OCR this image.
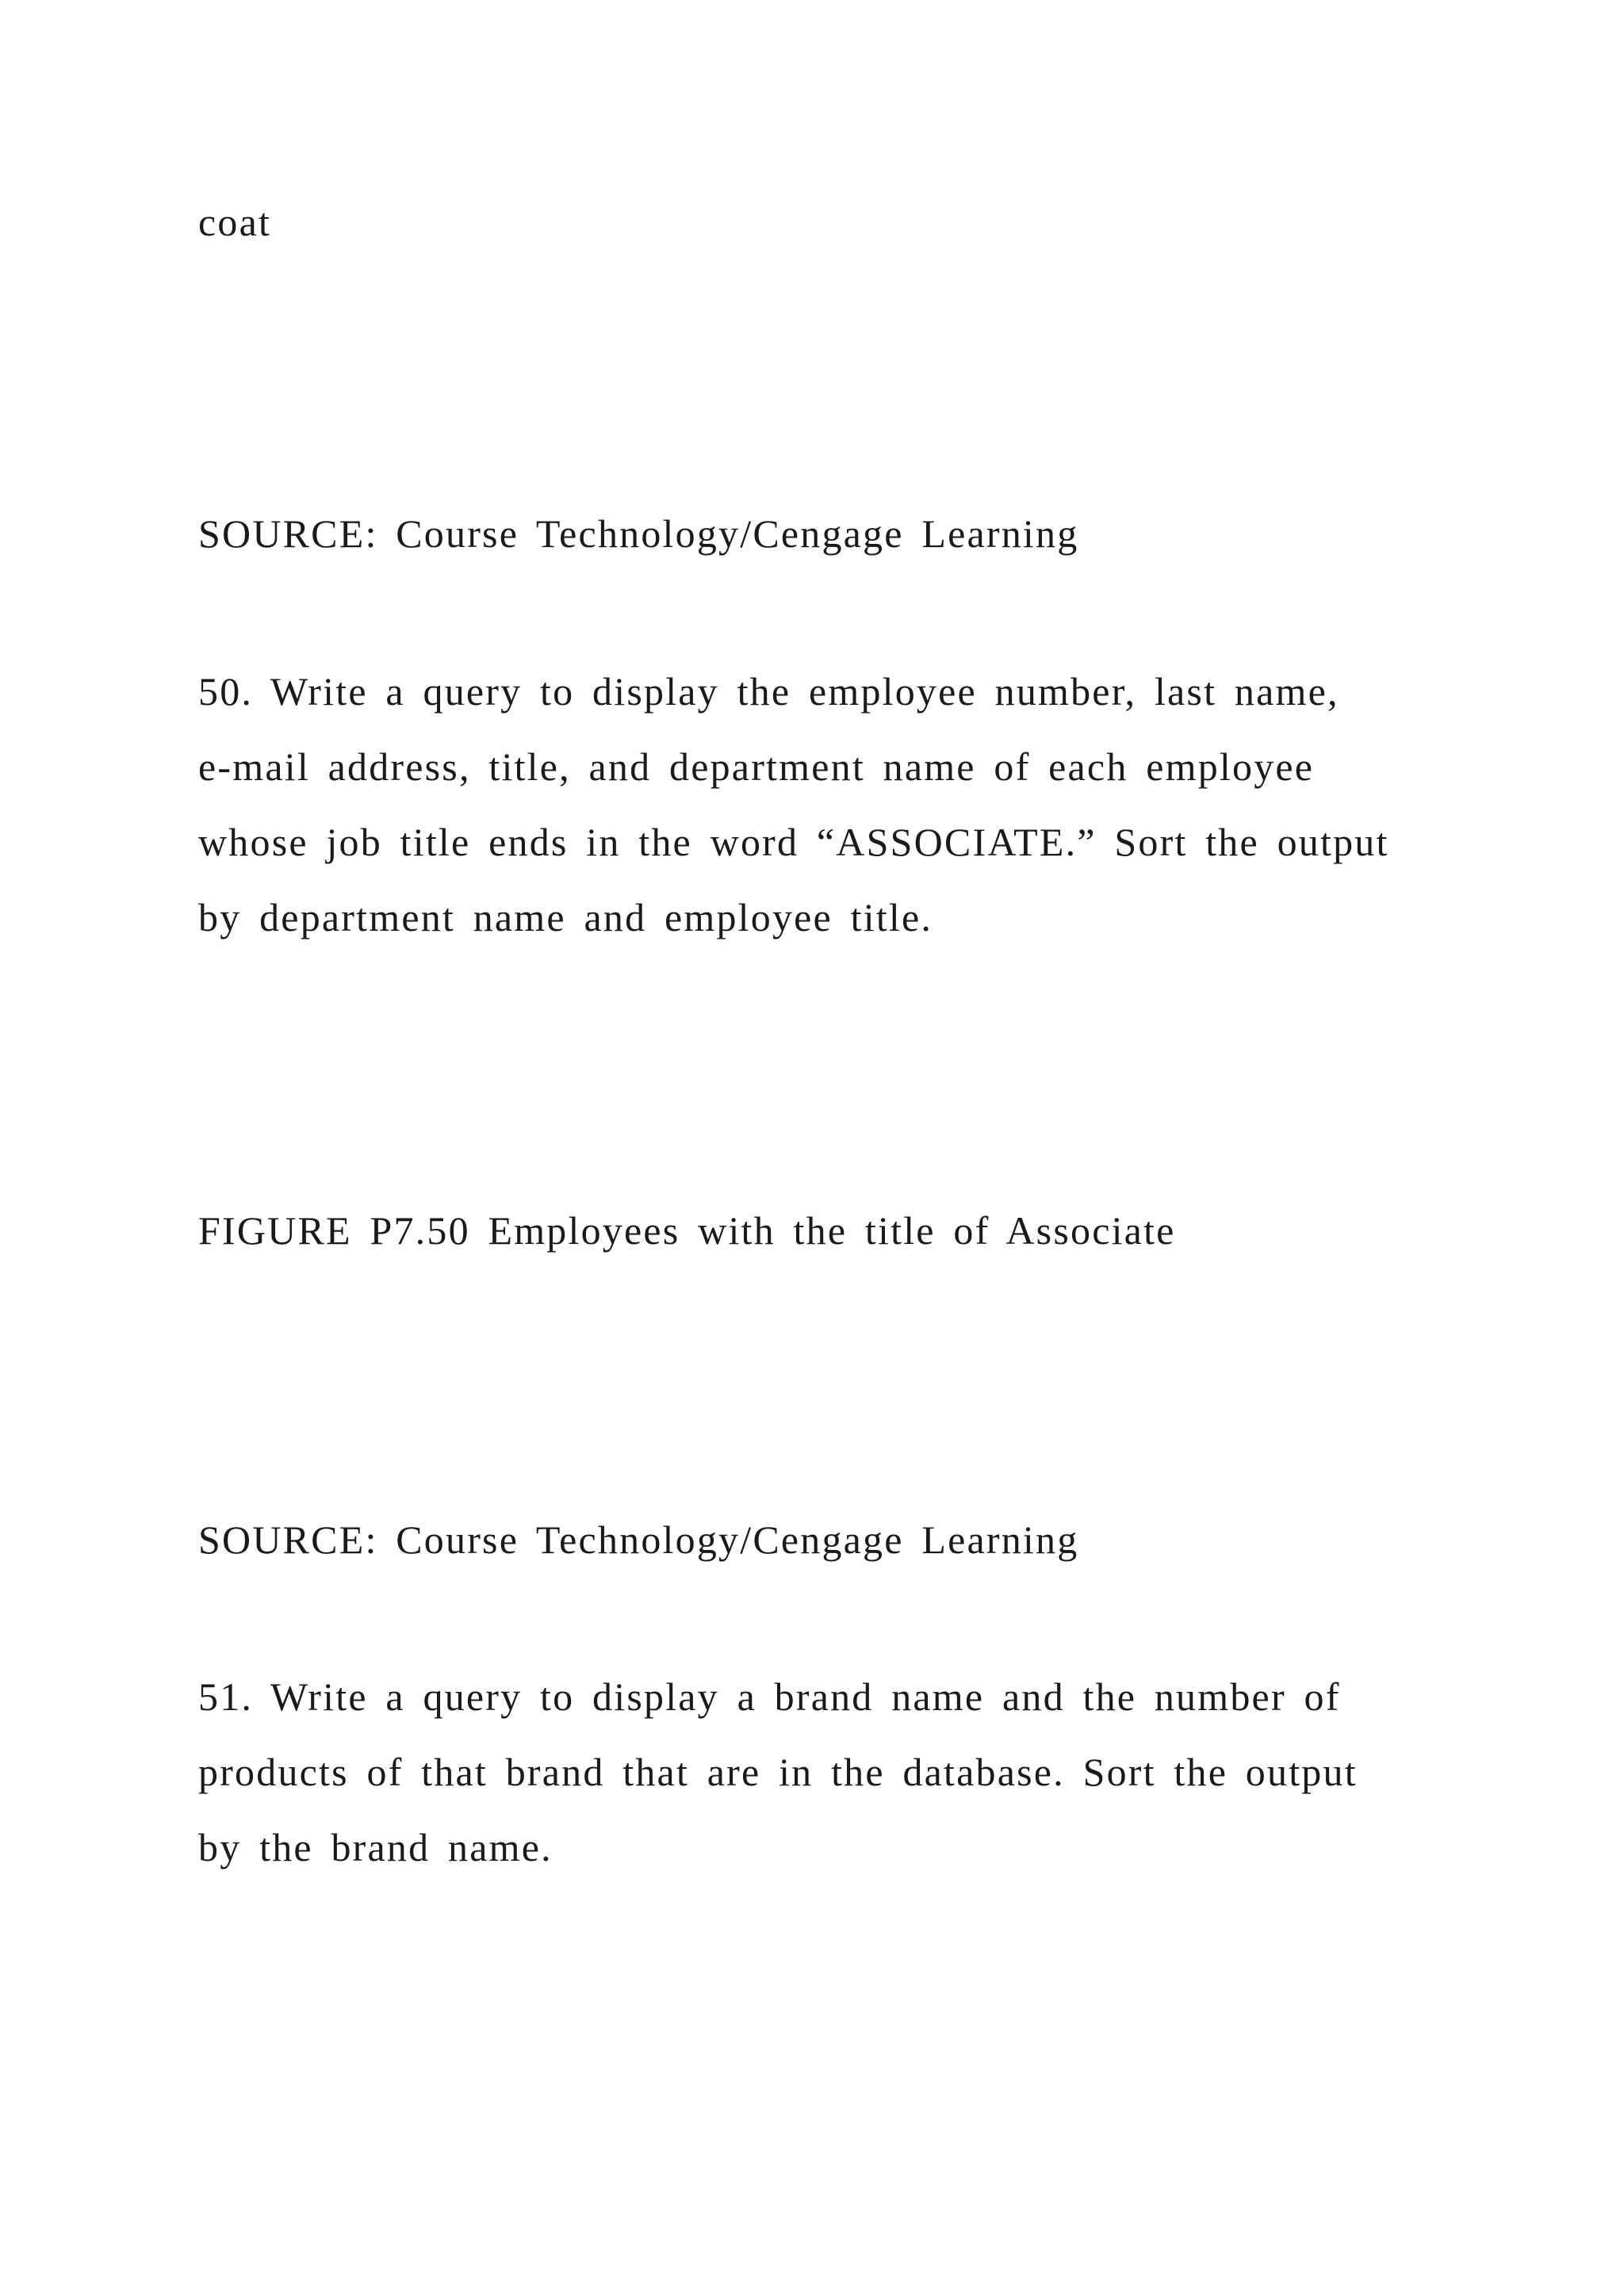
coat

SOURCE: Course Technology/Cengage Learning

50. Write a query to display the employee number, last name,
e-mail address, title, and department name of each employee
whose job title ends in the word “ASSOCIATE.” Sort the output
by department name and employee title.

FIGURE P7.50 Employees with the title of Associate

SOURCE: Course Technology/Cengage Learning

51. Write a query to display a brand name and the number of
products of that brand that are in the database. Sort the output
by the brand name.
